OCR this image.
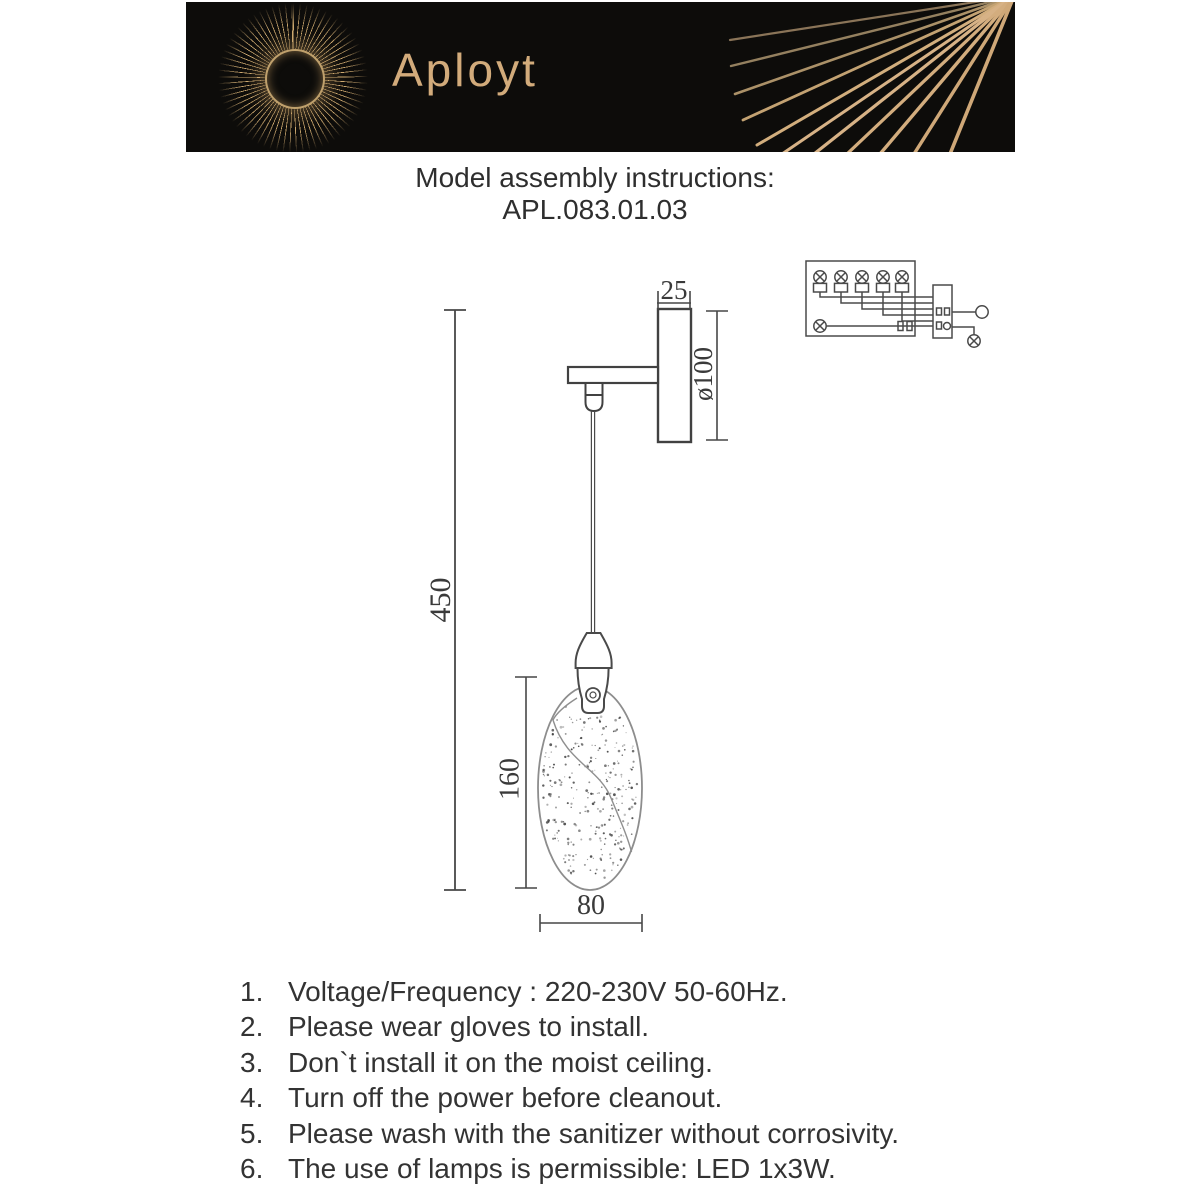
Aployt
Model assembly instructions:
APL.083.01.03
450
25
ø100
160
80
1. Voltage/Frequency : 220-230V 50-60Hz.
2. Please wear gloves to install.
3. Don`t install it on the moist ceiling.
4. Turn off the power before cleanout.
5. Please wash with the sanitizer without corrosivity.
6. The use of lamps is permissible: LED 1x3W.
